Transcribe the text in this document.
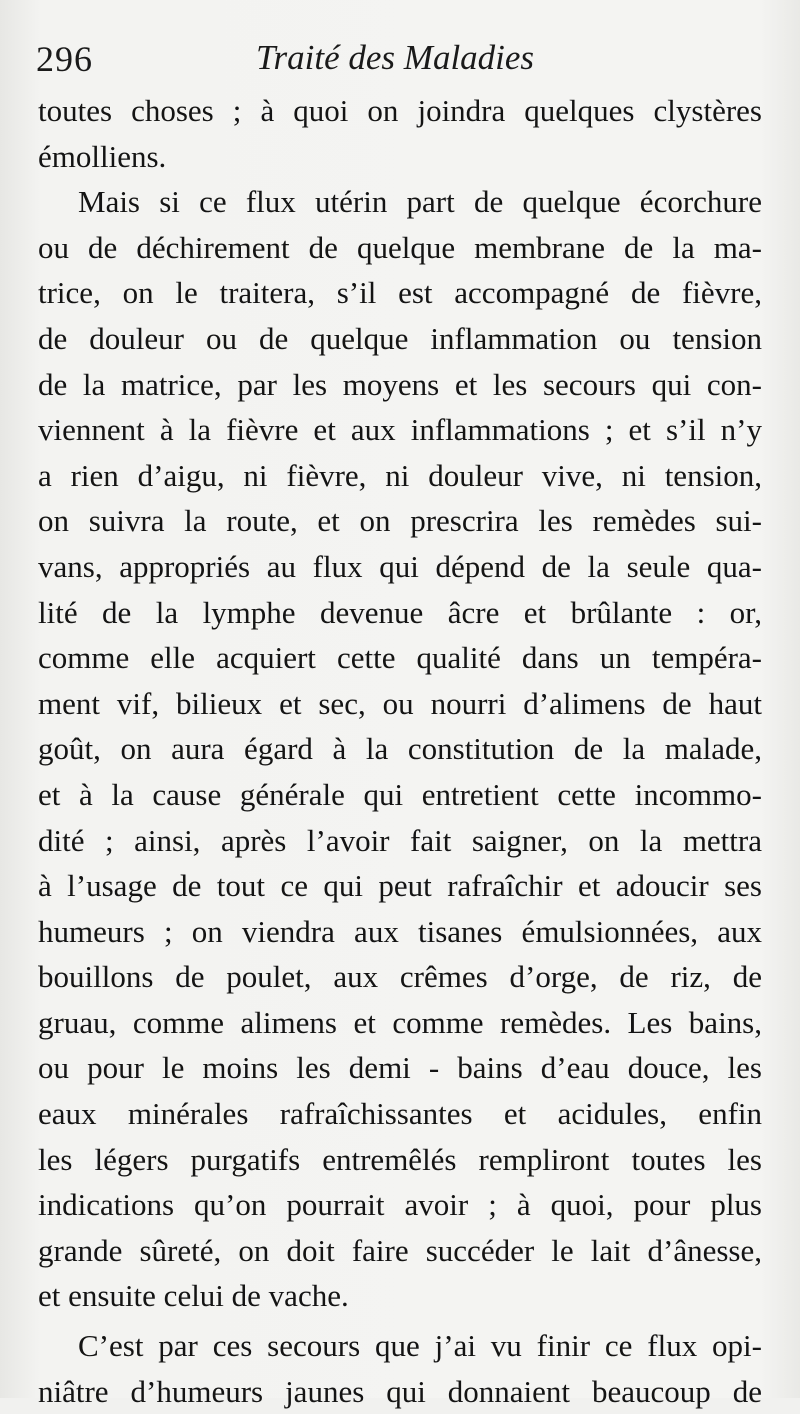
296	Traité des Maladies
toutes choses ; à quoi on joindra quelques clystères
émolliens.
Mais si ce flux utérin part de quelque écorchure
ou de déchirement de quelque membrane de la ma-
trice, on le traitera, s’il est accompagné de fièvre,
de douleur ou de quelque inflammation ou tension
de la matrice, par les moyens et les secours qui con-
viennent à la fièvre et aux inflammations ; et s’il n’y
a rien d’aigu, ni fièvre, ni douleur vive, ni tension,
on suivra la route, et on prescrira les remèdes sui-
vans, appropriés au flux qui dépend de la seule qua-
lité de la lymphe devenue âcre et brûlante : or,
comme elle acquiert cette qualité dans un tempéra-
ment vif, bilieux et sec, ou nourri d’alimens de haut
goût, on aura égard à la constitution de la malade,
et à la cause générale qui entretient cette incommo-
dité ; ainsi, après l’avoir fait saigner, on la mettra
à l’usage de tout ce qui peut rafraîchir et adoucir ses
humeurs ; on viendra aux tisanes émulsionnées, aux
bouillons de poulet, aux crêmes d’orge, de riz, de
gruau, comme alimens et comme remèdes. Les bains,
ou pour le moins les demi - bains d’eau douce, les
eaux minérales rafraîchissantes et acidules, enfin
les légers purgatifs entremêlés rempliront toutes les
indications qu’on pourrait avoir ; à quoi, pour plus
grande sûreté, on doit faire succéder le lait d’ânesse,
et ensuite celui de vache.
C’est par ces secours que j’ai vu finir ce flux opi-
niâtre d’humeurs jaunes qui donnaient beaucoup de
